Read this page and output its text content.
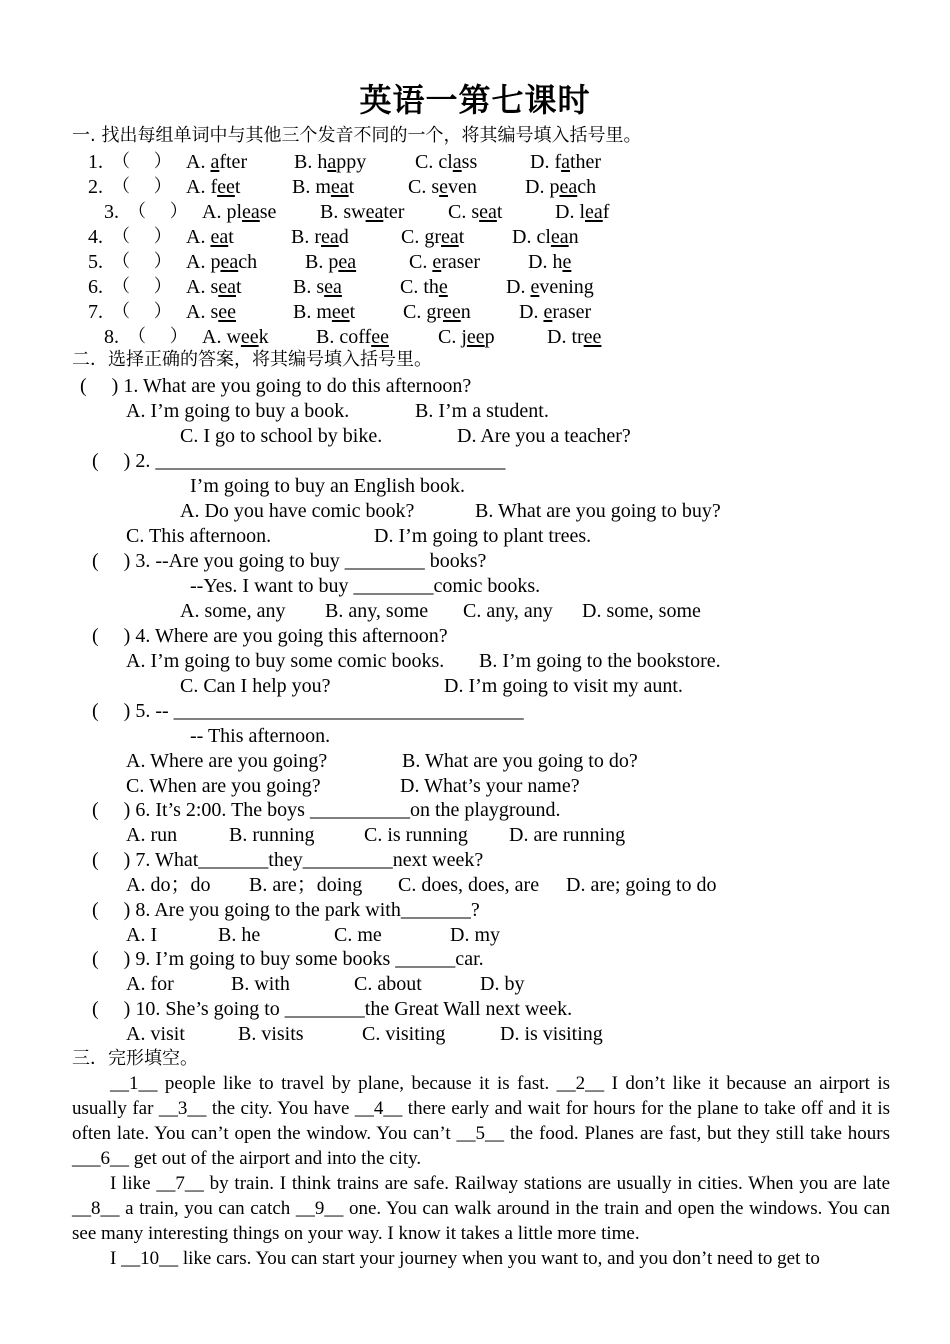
英语一第七课时
一. 找出每组单词中与其他三个发音不同的一个，将其编号填入括号里。
1. （　 ） A. after B. happy C. class	D. father
2. （　 ） A. feet	B. meat	C. seven D. peach
3. （　 ） A. please B. sweater C. seat	D. leaf
4. （　 ） A. eat	B. read	C. great D. clean
5. （　 ） A. peach B. pea	C. eraser D. he
6. （　 ） A. seat	B. sea	C. the	D. evening
7. （　 ） A. see	B. meet C. green D. eraser
8. （　 ） A. week B. coffee C. jeep	D. tree
二．选择正确的答案，将其编号填入括号里。
(　 ) 1. What are you going to do this afternoon?
A. I’m going to buy a book.	B. I’m a student.
C. I go to school by bike.	D. Are you a teacher?
(　 ) 2. ___________________________________
I’m going to buy an English book.
A. Do you have comic book?	B. What are you going to buy?
C. This afternoon.	D. I’m going to plant trees.
(　 ) 3. --Are you going to buy ________ books?
--Yes. I want to buy ________comic books.
A. some, any B. any, some C. any, any D. some, some
(　 ) 4. Where are you going this afternoon?
A. I’m going to buy some comic books. B. I’m going to the bookstore.
C. Can I help you?	D. I’m going to visit my aunt.
(　 ) 5. -- ___________________________________
-- This afternoon.
A. Where are you going?	B. What are you going to do?
C. When are you going?	D. What’s your name?
(　 ) 6. It’s 2:00. The boys __________on the playground.
A. run	B. running C. is running D. are running
(　 ) 7. What_______they_________next week?
A. do；do B. are；doing C. does, does, are D. are; going to do
(　 ) 8. Are you going to the park with_______?
A. I	B. he	C. me	D. my
(　 ) 9. I’m going to buy some books ______car.
A. for	B. with	C. about	D. by
(　 ) 10. She’s going to ________the Great Wall next week.
A. visit	B. visits	C. visiting	D. is visiting
三．完形填空。
__1__ people like to travel by plane, because it is fast. __2__ I don’t like it because an airport is usually far __3__ the city. You have __4__ there early and wait for hours for the plane to take off and it is often late. You can’t open the window. You can’t __5__ the food. Planes are fast, but they still take hours ___6__ get out of the airport and into the city.
I like __7__ by train. I think trains are safe. Railway stations are usually in cities. When you are late __8__ a train, you can catch __9__ one. You can walk around in the train and open the windows. You can see many interesting things on your way. I know it takes a little more time.
I __10__ like cars. You can start your journey when you want to, and you don’t need to get to
